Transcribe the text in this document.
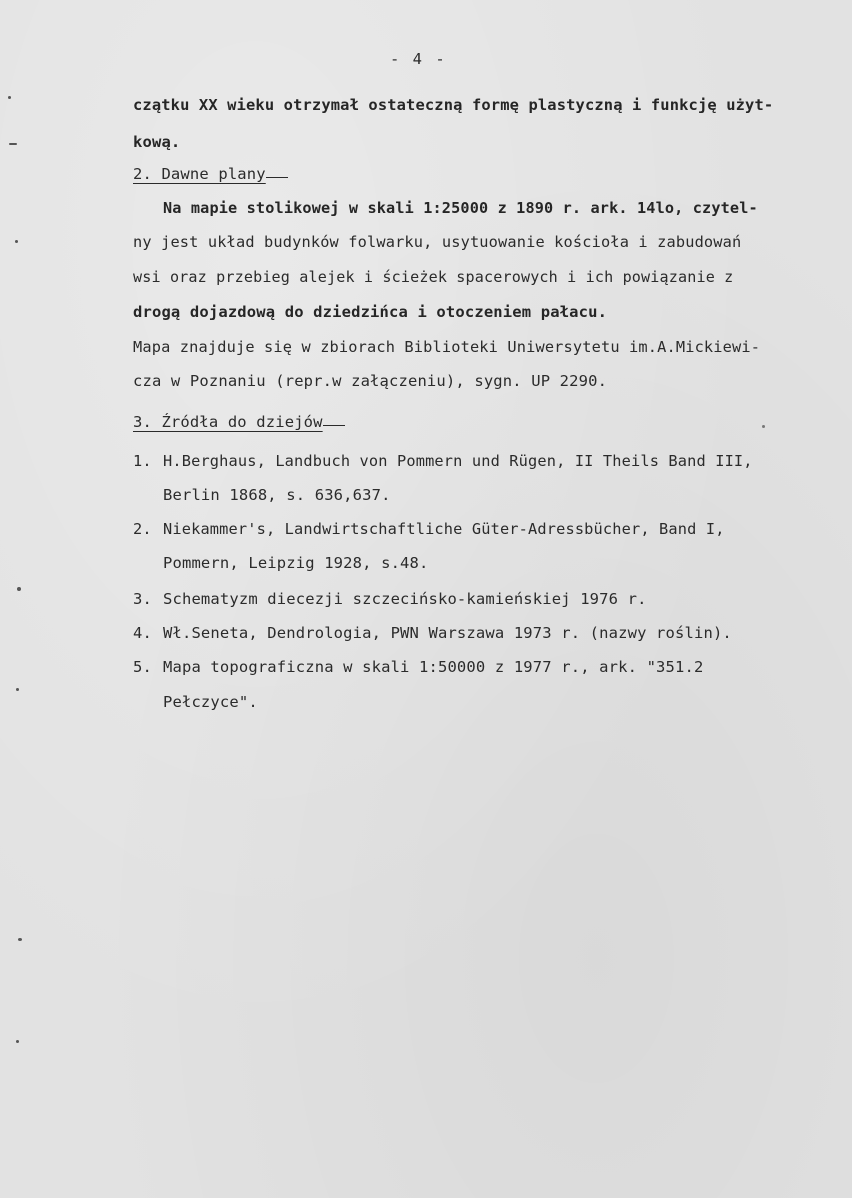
- 4 -
czątku XX wieku otrzymał ostateczną formę plastyczną i funkcję użyt-
kową.
2. Dawne plany
Na mapie stolikowej w skali 1:25000 z 1890 r. ark. 14lo, czytel-
ny jest układ budynków folwarku, usytuowanie kościoła i zabudowań
wsi oraz przebieg alejek i ścieżek spacerowych i ich powiązanie z
drogą dojazdową do dziedzińca i otoczeniem pałacu.
Mapa znajduje się w zbiorach Biblioteki Uniwersytetu im.A.Mickiewi-
cza w Poznaniu (repr.w załączeniu), sygn. UP 2290.
3. Źródła do dziejów
1. H.Berghaus, Landbuch von Pommern und Rügen, II Theils Band III,
Berlin 1868, s. 636,637.
2. Niekammer's, Landwirtschaftliche Güter-Adressbücher, Band I,
Pommern, Leipzig 1928, s.48.
3. Schematyzm diecezji szczecińsko-kamieńskiej 1976 r.
4. Wł.Seneta, Dendrologia, PWN Warszawa 1973 r. (nazwy roślin).
5. Mapa topograficzna w skali 1:50000 z 1977 r., ark. "351.2
Pełczyce".
